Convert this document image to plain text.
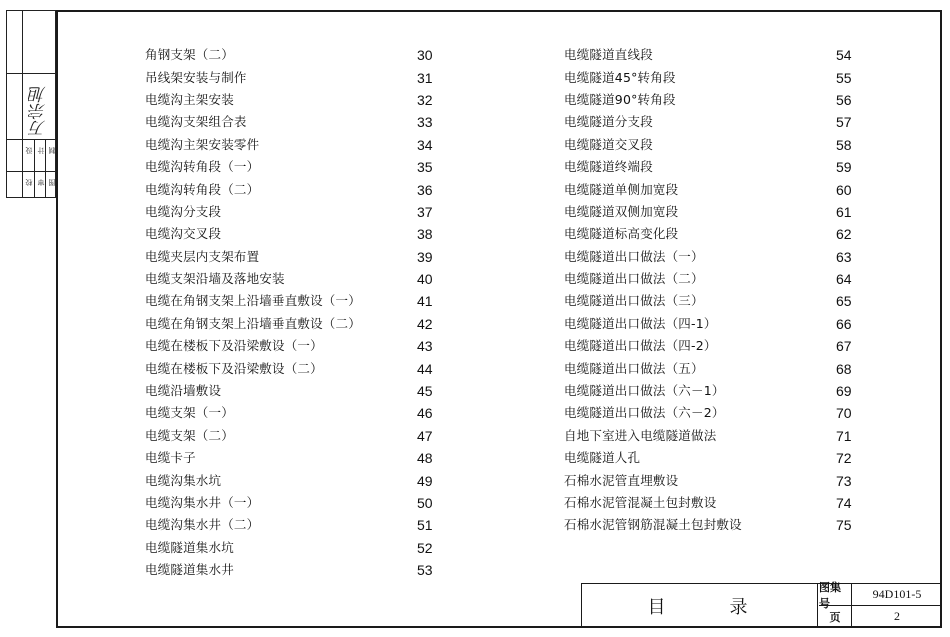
万宗旭
设 计 制
校 审 图
角钢支架（二）	30
吊线架安装与制作	31
电缆沟主架安装	32
电缆沟支架组合表	33
电缆沟主架安装零件	34
电缆沟转角段（一）	35
电缆沟转角段（二）	36
电缆沟分支段	37
电缆沟交叉段	38
电缆夹层内支架布置	39
电缆支架沿墙及落地安装	40
电缆在角钢支架上沿墙垂直敷设（一）	41
电缆在角钢支架上沿墙垂直敷设（二）	42
电缆在楼板下及沿梁敷设（一）	43
电缆在楼板下及沿梁敷设（二）	44
电缆沿墙敷设	45
电缆支架（一）	46
电缆支架（二）	47
电缆卡子	48
电缆沟集水坑	49
电缆沟集水井（一）	50
电缆沟集水井（二）	51
电缆隧道集水坑	52
电缆隧道集水井	53
电缆隧道直线段	54
电缆隧道45°转角段	55
电缆隧道90°转角段	56
电缆隧道分支段	57
电缆隧道交叉段	58
电缆隧道终端段	59
电缆隧道单侧加宽段	60
电缆隧道双侧加宽段	61
电缆隧道标高变化段	62
电缆隧道出口做法（一）	63
电缆隧道出口做法（二）	64
电缆隧道出口做法（三）	65
电缆隧道出口做法（四-1）	66
电缆隧道出口做法（四-2）	67
电缆隧道出口做法（五）	68
电缆隧道出口做法（六－1）	69
电缆隧道出口做法（六－2）	70
自地下室进入电缆隧道做法	71
电缆隧道人孔	72
石棉水泥管直埋敷设	73
石棉水泥管混凝土包封敷设	74
石棉水泥管钢筋混凝土包封敷设	75
目录
图集号
94D101-5
页	2
